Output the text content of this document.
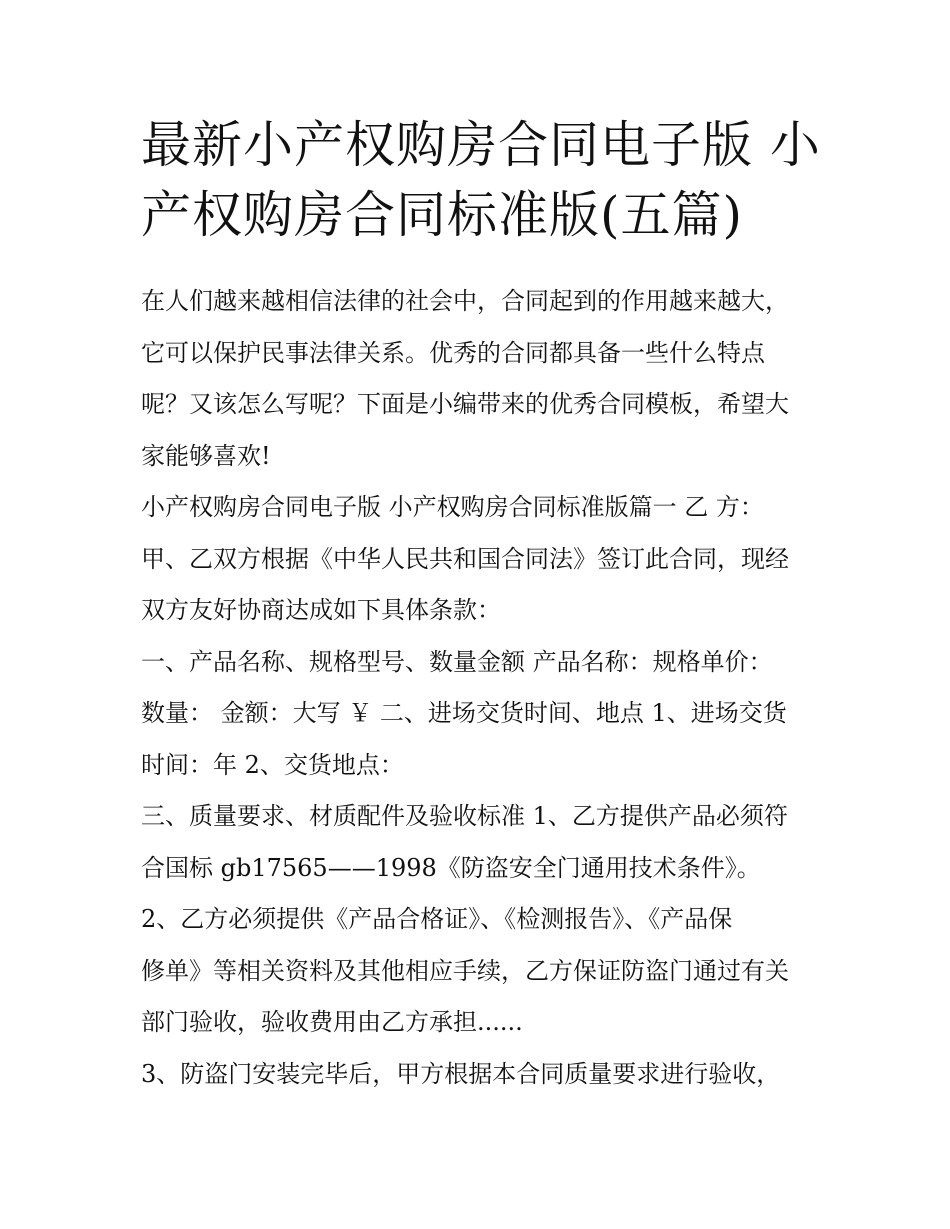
最新小产权购房合同电子版 小
产权购房合同标准版(五篇)
在人们越来越相信法律的社会中，合同起到的作用越来越大，
它可以保护民事法律关系。优秀的合同都具备一些什么特点
呢？又该怎么写呢？下面是小编带来的优秀合同模板，希望大
家能够喜欢!
小产权购房合同电子版 小产权购房合同标准版篇一 乙 方：
甲、乙双方根据《中华人民共和国合同法》签订此合同，现经
双方友好协商达成如下具体条款：
一、产品名称、规格型号、数量金额 产品名称：规格单价：
数量： 金额：大写 ￥ 二、进场交货时间、地点 1、进场交货
时间：年 2、交货地点：
三、质量要求、材质配件及验收标准 1、乙方提供产品必须符
合国标 gb17565——1998《防盗安全门通用技术条件》。
2、乙方必须提供《产品合格证》、《检测报告》、《产品保
修单》等相关资料及其他相应手续，乙方保证防盗门通过有关
部门验收，验收费用由乙方承担......
3、防盗门安装完毕后，甲方根据本合同质量要求进行验收，
